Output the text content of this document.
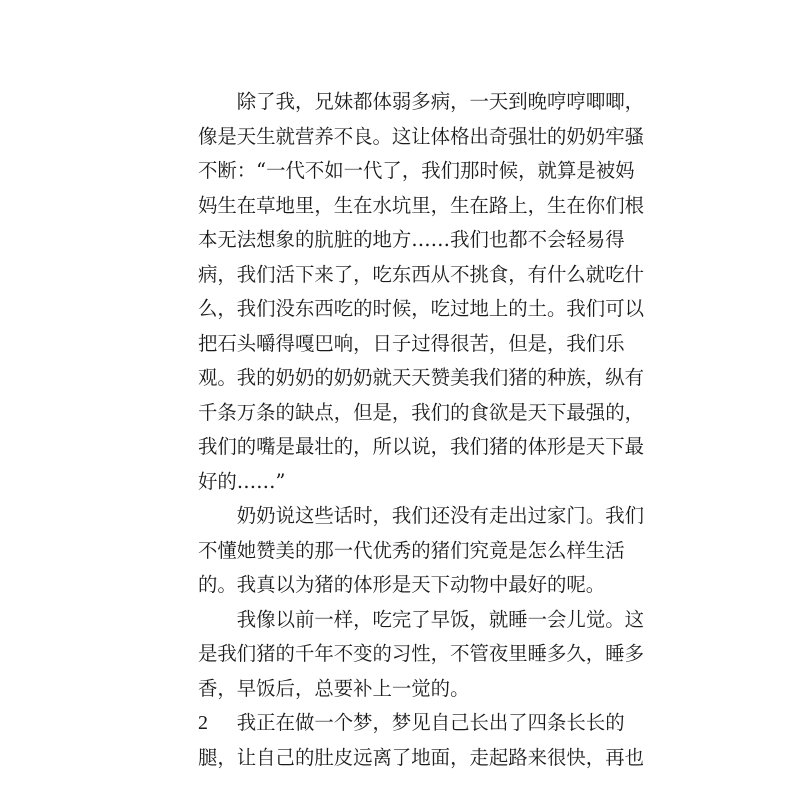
除了我，兄妹都体弱多病，一天到晚哼哼唧唧，
像是天生就营养不良。这让体格出奇强壮的奶奶牢骚
不断：“一代不如一代了，我们那时候，就算是被妈
妈生在草地里，生在水坑里，生在路上，生在你们根
本无法想象的肮脏的地方……我们也都不会轻易得
病，我们活下来了，吃东西从不挑食，有什么就吃什
么，我们没东西吃的时候，吃过地上的土。我们可以
把石头嚼得嘎巴响，日子过得很苦，但是，我们乐
观。我的奶奶的奶奶就天天赞美我们猪的种族，纵有
千条万条的缺点，但是，我们的食欲是天下最强的，
我们的嘴是最壮的，所以说，我们猪的体形是天下最
好的……”

奶奶说这些话时，我们还没有走出过家门。我们
不懂她赞美的那一代优秀的猪们究竟是怎么样生活
的。我真以为猪的体形是天下动物中最好的呢。

我像以前一样，吃完了早饭，就睡一会儿觉。这
是我们猪的千年不变的习性，不管夜里睡多久，睡多
香，早饭后，总要补上一觉的。

我正在做一个梦，梦见自己长出了四条长长的
腿，让自己的肚皮远离了地面，走起路来很快，再也

2
